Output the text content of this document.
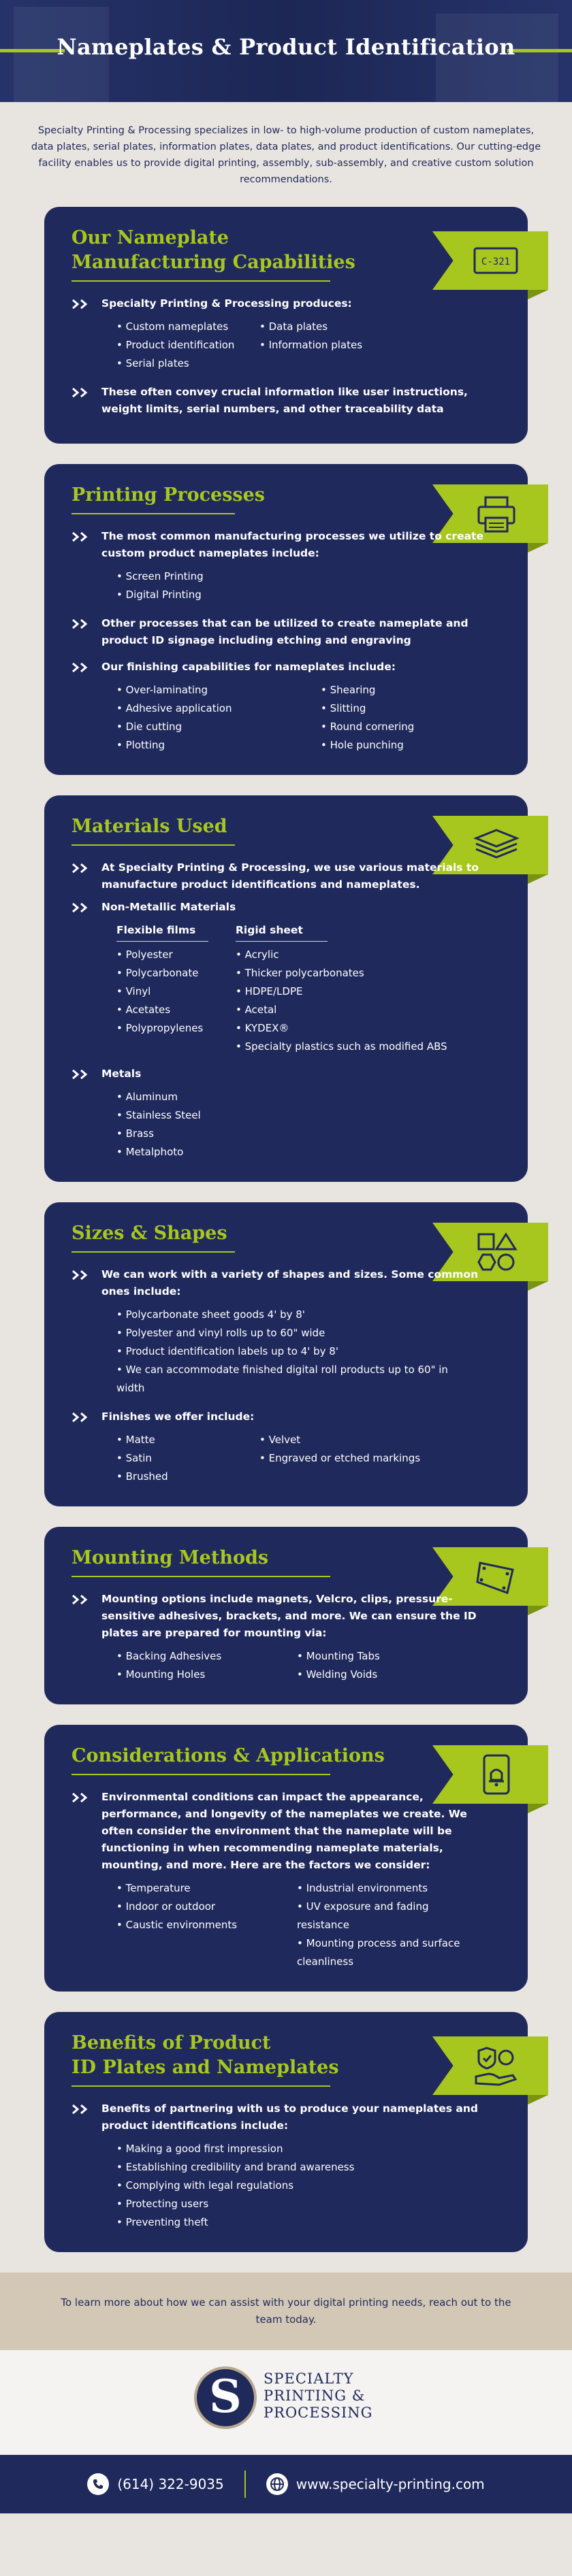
Nameplates & Product Identification

Specialty Printing & Processing specializes in low- to high-volume production of custom nameplates, data plates, serial plates, information plates, data plates, and product identifications. Our cutting-edge facility enables us to provide digital printing, assembly, sub-assembly, and creative custom solution recommendations.

Our Nameplate
Manufacturing Capabilities	C-321
Specialty Printing & Processing produces:
• Custom nameplates
• Product identification
• Serial plates
• Data plates
• Information plates
These often convey crucial information like user instructions, weight limits, serial numbers, and other traceability data
Printing Processes
The most common manufacturing processes we utilize to create custom product nameplates include:
• Screen Printing
• Digital Printing
Other processes that can be utilized to create nameplate and product ID signage including etching and engraving
Our finishing capabilities for nameplates include:
• Over-laminating
• Adhesive application
• Die cutting
• Plotting
• Shearing
• Slitting
• Round cornering
• Hole punching
Materials Used
At Specialty Printing & Processing, we use various materials to manufacture product identifications and nameplates.
Non-Metallic Materials
Flexible films
• Polyester
• Polycarbonate
• Vinyl
• Acetates
• Polypropylenes
Rigid sheet
• Acrylic
• Thicker polycarbonates
• HDPE/LDPE
• Acetal
• KYDEX®
• Specialty plastics such as modified ABS
Metals
• Aluminum
• Stainless Steel
• Brass
• Metalphoto
Sizes & Shapes
We can work with a variety of shapes and sizes. Some common ones include:
• Polycarbonate sheet goods 4' by 8'
• Polyester and vinyl rolls up to 60" wide
• Product identification labels up to 4' by 8'
• We can accommodate finished digital roll products up to 60" in width
Finishes we offer include:
• Matte
• Satin
• Brushed
• Velvet
• Engraved or etched markings
Mounting Methods
Mounting options include magnets, Velcro, clips, pressure-sensitive adhesives, brackets, and more. We can ensure the ID plates are prepared for mounting via:
• Backing Adhesives
• Mounting Holes
• Mounting Tabs
• Welding Voids
Considerations & Applications
Environmental conditions can impact the appearance, performance, and longevity of the nameplates we create. We often consider the environment that the nameplate will be functioning in when recommending nameplate materials, mounting, and more. Here are the factors we consider:
• Temperature
• Indoor or outdoor
• Caustic environments
• Industrial environments
• UV exposure and fading resistance
• Mounting process and surface cleanliness
Benefits of Product
ID Plates and Nameplates
Benefits of partnering with us to produce your nameplates and product identifications include:
• Making a good first impression
• Establishing credibility and brand awareness
• Complying with legal regulations
• Protecting users
• Preventing theft
To learn more about how we can assist with your digital printing needs, reach out to the team today.
S	SPECIALTY
PRINTING &
PROCESSING
(614) 322-9035	www.specialty-printing.com
